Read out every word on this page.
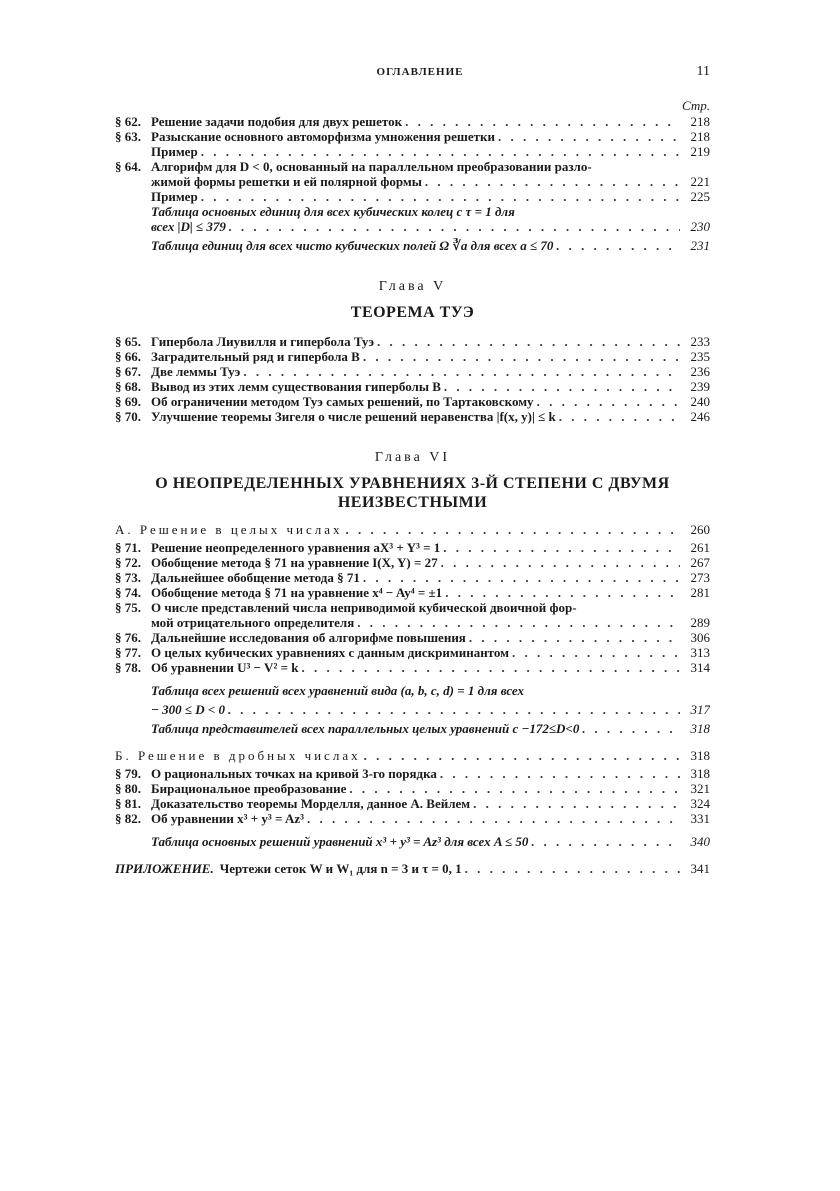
ОГЛАВЛЕНИЕ	11
Стр.
§ 62. Решение задачи подобия для двух решеток . . .	218
§ 63. Разыскание основного автоморфизма умножения решетки . . .	218
Пример . . .	219
§ 64. Алгорифм для D < 0, основанный на параллельном преобразовании разло-
жимой формы решетки и ей полярной формы . . .	221
Пример . . .	225
Таблица основных единиц для всех кубических колец c τ = 1 для
всех |D| ≤ 379 . . .	230
Таблица единиц для всех чисто кубических полей Ω ∛a для всех a ≤ 70 . . .	231
Глава V
ТЕОРЕМА ТУЭ
§ 65. Гипербола Лиувилля и гипербола Туэ . . .	233
§ 66. Заградительный ряд и гипербола B . . .	235
§ 67. Две леммы Туэ . . .	236
§ 68. Вывод из этих лемм существования гиперболы B . . .	239
§ 69. Об ограничении методом Туэ самых решений, по Тартаковскому . . .	240
§ 70. Улучшение теоремы Зигеля о числе решений неравенства |f(x, y)| ≤ k . . .	246
Глава VI
О НЕОПРЕДЕЛЕННЫХ УРАВНЕНИЯХ 3-Й СТЕПЕНИ С ДВУМЯ
НЕИЗВЕСТНЫМИ
А. Решение в целых числах . . .	260
§ 71. Решение неопределенного уравнения aX³ + Y³ = 1 . . .	261
§ 72. Обобщение метода § 71 на уравнение I(X, Y) = 27 . . .	267
§ 73. Дальнейшее обобщение метода § 71 . . .	273
§ 74. Обобщение метода § 71 на уравнение x⁴ − Ay⁴ = ±1 . . .	281
§ 75. О числе представлений числа неприводимой кубической двоичной фор-
мой отрицательного определителя . . .	289
§ 76. Дальнейшие исследования об алгорифме повышения . . .	306
§ 77. О целых кубических уравнениях с данным дискриминантом . . .	313
§ 78. Об уравнении U³ − V² = k . . .	314
Таблица всех решений всех уравнений вида (a, b, c, d) = 1 для всех
− 300 ≤ D < 0 . . .	317
Таблица представителей всех параллельных целых уравнений с −172≤D<0 . . .	318
Б. Решение в дробных числах . . .	318
§ 79. О рациональных точках на кривой 3-го порядка . . .	318
§ 80. Бирациональное преобразование . . .	321
§ 81. Доказательство теоремы Морделля, данное А. Вейлем . . .	324
§ 82. Об уравнении x³ + y³ = Az³ . . .	331
Таблица основных решений уравнений x³ + y³ = Az³ для всех A ≤ 50 . . .	340
ПРИЛОЖЕНИЕ. Чертежи сеток W и W₁ для n = 3 и τ = 0, 1 . . .	341
